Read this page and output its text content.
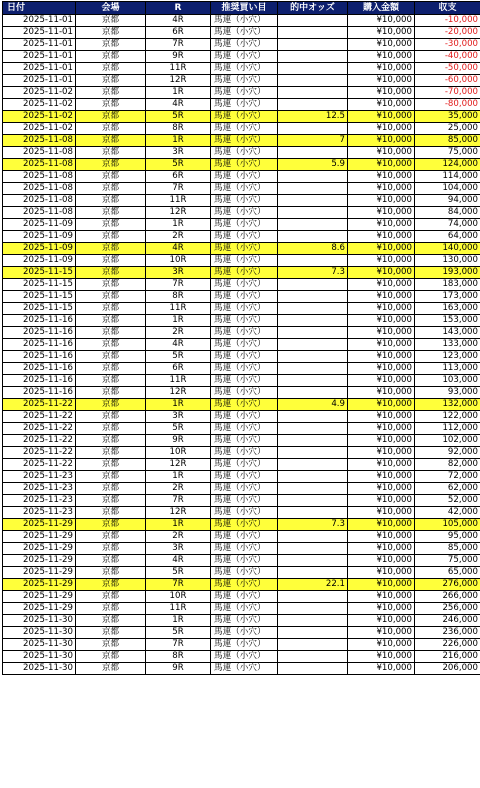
日付	会場	R	推奨買い目	的中オッズ	購入金額	収支
2025-11-01	京都	4R	馬連（小穴）		¥10,000	-10,000
2025-11-01	京都	6R	馬連（小穴）		¥10,000	-20,000
2025-11-01	京都	7R	馬連（小穴）		¥10,000	-30,000
2025-11-01	京都	9R	馬連（小穴）		¥10,000	-40,000
2025-11-01	京都	11R	馬連（小穴）		¥10,000	-50,000
2025-11-01	京都	12R	馬連（小穴）		¥10,000	-60,000
2025-11-02	京都	1R	馬連（小穴）		¥10,000	-70,000
2025-11-02	京都	4R	馬連（小穴）		¥10,000	-80,000
2025-11-02	京都	5R	馬連（小穴）	12.5	¥10,000	35,000
2025-11-02	京都	8R	馬連（小穴）		¥10,000	25,000
2025-11-08	京都	1R	馬連（小穴）	7	¥10,000	85,000
2025-11-08	京都	3R	馬連（小穴）		¥10,000	75,000
2025-11-08	京都	5R	馬連（小穴）	5.9	¥10,000	124,000
2025-11-08	京都	6R	馬連（小穴）		¥10,000	114,000
2025-11-08	京都	7R	馬連（小穴）		¥10,000	104,000
2025-11-08	京都	11R	馬連（小穴）		¥10,000	94,000
2025-11-08	京都	12R	馬連（小穴）		¥10,000	84,000
2025-11-09	京都	1R	馬連（小穴）		¥10,000	74,000
2025-11-09	京都	2R	馬連（小穴）		¥10,000	64,000
2025-11-09	京都	4R	馬連（小穴）	8.6	¥10,000	140,000
2025-11-09	京都	10R	馬連（小穴）		¥10,000	130,000
2025-11-15	京都	3R	馬連（小穴）	7.3	¥10,000	193,000
2025-11-15	京都	7R	馬連（小穴）		¥10,000	183,000
2025-11-15	京都	8R	馬連（小穴）		¥10,000	173,000
2025-11-15	京都	11R	馬連（小穴）		¥10,000	163,000
2025-11-16	京都	1R	馬連（小穴）		¥10,000	153,000
2025-11-16	京都	2R	馬連（小穴）		¥10,000	143,000
2025-11-16	京都	4R	馬連（小穴）		¥10,000	133,000
2025-11-16	京都	5R	馬連（小穴）		¥10,000	123,000
2025-11-16	京都	6R	馬連（小穴）		¥10,000	113,000
2025-11-16	京都	11R	馬連（小穴）		¥10,000	103,000
2025-11-16	京都	12R	馬連（小穴）		¥10,000	93,000
2025-11-22	京都	1R	馬連（小穴）	4.9	¥10,000	132,000
2025-11-22	京都	3R	馬連（小穴）		¥10,000	122,000
2025-11-22	京都	5R	馬連（小穴）		¥10,000	112,000
2025-11-22	京都	9R	馬連（小穴）		¥10,000	102,000
2025-11-22	京都	10R	馬連（小穴）		¥10,000	92,000
2025-11-22	京都	12R	馬連（小穴）		¥10,000	82,000
2025-11-23	京都	1R	馬連（小穴）		¥10,000	72,000
2025-11-23	京都	2R	馬連（小穴）		¥10,000	62,000
2025-11-23	京都	7R	馬連（小穴）		¥10,000	52,000
2025-11-23	京都	12R	馬連（小穴）		¥10,000	42,000
2025-11-29	京都	1R	馬連（小穴）	7.3	¥10,000	105,000
2025-11-29	京都	2R	馬連（小穴）		¥10,000	95,000
2025-11-29	京都	3R	馬連（小穴）		¥10,000	85,000
2025-11-29	京都	4R	馬連（小穴）		¥10,000	75,000
2025-11-29	京都	5R	馬連（小穴）		¥10,000	65,000
2025-11-29	京都	7R	馬連（小穴）	22.1	¥10,000	276,000
2025-11-29	京都	10R	馬連（小穴）		¥10,000	266,000
2025-11-29	京都	11R	馬連（小穴）		¥10,000	256,000
2025-11-30	京都	1R	馬連（小穴）		¥10,000	246,000
2025-11-30	京都	5R	馬連（小穴）		¥10,000	236,000
2025-11-30	京都	7R	馬連（小穴）		¥10,000	226,000
2025-11-30	京都	8R	馬連（小穴）		¥10,000	216,000
2025-11-30	京都	9R	馬連（小穴）		¥10,000	206,000
